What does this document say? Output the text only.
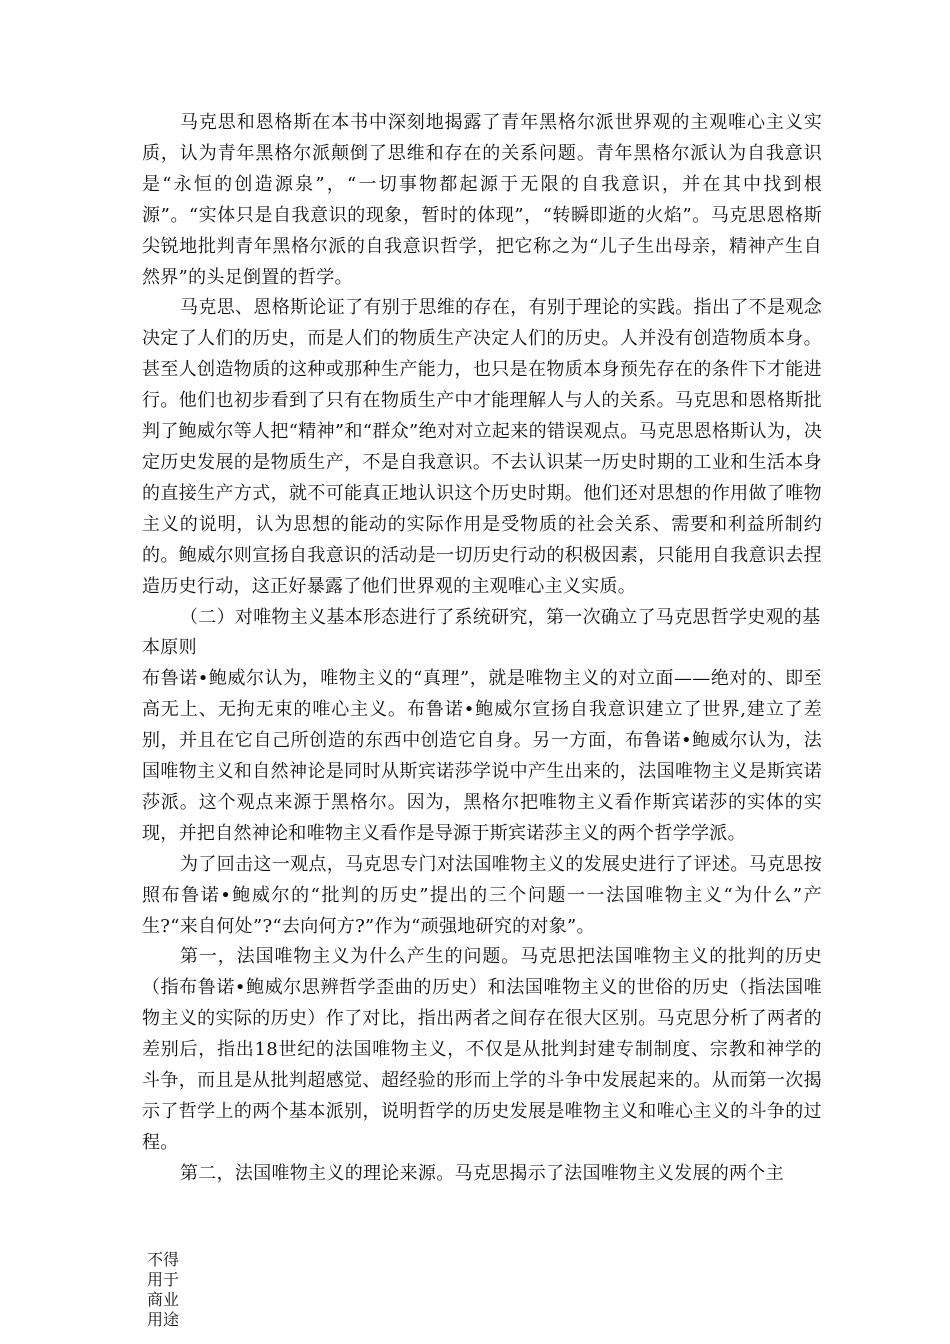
马克思和恩格斯在本书中深刻地揭露了青年黑格尔派世界观的主观唯心主义实质，认为青年黑格尔派颠倒了思维和存在的关系问题。青年黑格尔派认为自我意识是“永恒的创造源泉”，“一切事物都起源于无限的自我意识，并在其中找到根源”。“实体只是自我意识的现象，暂时的体现”，“转瞬即逝的火焰”。马克思恩格斯尖锐地批判青年黑格尔派的自我意识哲学，把它称之为“儿子生出母亲，精神产生自然界”的头足倒置的哲学。

马克思、恩格斯论证了有别于思维的存在，有别于理论的实践。指出了不是观念决定了人们的历史，而是人们的物质生产决定人们的历史。人并没有创造物质本身。甚至人创造物质的这种或那种生产能力，也只是在物质本身预先存在的条件下才能进行。他们也初步看到了只有在物质生产中才能理解人与人的关系。马克思和恩格斯批判了鲍威尔等人把“精神”和“群众”绝对对立起来的错误观点。马克思恩格斯认为，决定历史发展的是物质生产，不是自我意识。不去认识某一历史时期的工业和生活本身的直接生产方式，就不可能真正地认识这个历史时期。他们还对思想的作用做了唯物主义的说明，认为思想的能动的实际作用是受物质的社会关系、需要和利益所制约的。鲍威尔则宣扬自我意识的活动是一切历史行动的积极因素，只能用自我意识去捏造历史行动，这正好暴露了他们世界观的主观唯心主义实质。

（二）对唯物主义基本形态进行了系统研究，第一次确立了马克思哲学史观的基本原则

布鲁诺•鲍威尔认为，唯物主义的“真理”，就是唯物主义的对立面——绝对的、即至高无上、无拘无束的唯心主义。布鲁诺•鲍威尔宣扬自我意识建立了世界,建立了差别，并且在它自己所创造的东西中创造它自身。另一方面，布鲁诺•鲍威尔认为，法国唯物主义和自然神论是同时从斯宾诺莎学说中产生出来的，法国唯物主义是斯宾诺莎派。这个观点来源于黑格尔。因为，黑格尔把唯物主义看作斯宾诺莎的实体的实现，并把自然神论和唯物主义看作是导源于斯宾诺莎主义的两个哲学学派。

为了回击这一观点，马克思专门对法国唯物主义的发展史进行了评述。马克思按照布鲁诺•鲍威尔的“批判的历史”提出的三个问题一一法国唯物主义“为什么”产生?“来自何处”?“去向何方?”作为“顽强地研究的对象”。

第一，法国唯物主义为什么产生的问题。马克思把法国唯物主义的批判的历史（指布鲁诺•鲍威尔思辨哲学歪曲的历史）和法国唯物主义的世俗的历史（指法国唯物主义的实际的历史）作了对比，指出两者之间存在很大区别。马克思分析了两者的差别后，指出18世纪的法国唯物主义，不仅是从批判封建专制制度、宗教和神学的斗争，而且是从批判超感觉、超经验的形而上学的斗争中发展起来的。从而第一次揭示了哲学上的两个基本派别，说明哲学的历史发展是唯物主义和唯心主义的斗争的过程。

第二，法国唯物主义的理论来源。马克思揭示了法国唯物主义发展的两个主

不得用于商业用途
